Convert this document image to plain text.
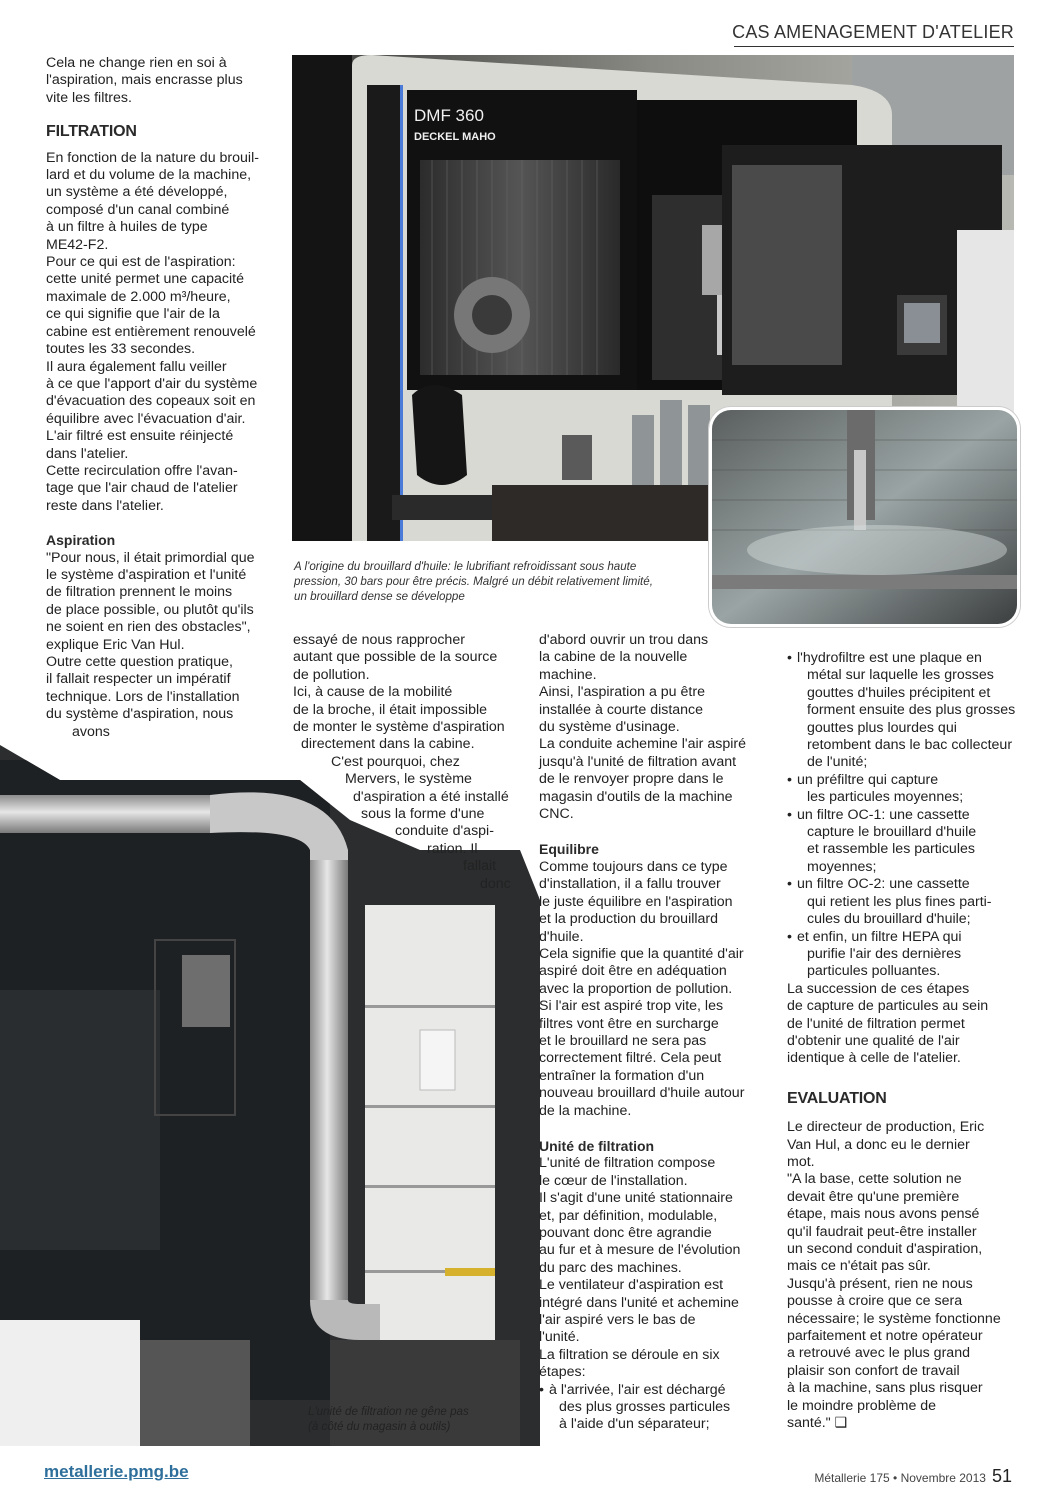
CAS AMENAGEMENT D'ATELIER
DMF 360
DECKEL MAHO
A l'origine du brouillard d'huile: le lubrifiant refroidissant sous haute
pression, 30 bars pour être précis. Malgré un débit relativement limité,
un brouillard dense se développe
L'unité de filtration ne gêne pas
(à côté du magasin à outils)
Cela ne change rien en soi à
l'aspiration, mais encrasse plus
vite les filtres.
FILTRATION
En fonction de la nature du brouil-
lard et du volume de la machine,
un système a été développé,
composé d'un canal combiné
à un filtre à huiles de type
ME42-F2.
Pour ce qui est de l'aspiration:
cette unité permet une capacité
maximale de 2.000 m³/heure,
ce qui signifie que l'air de la
cabine est entièrement renouvelé
toutes les 33 secondes.
Il aura également fallu veiller
à ce que l'apport d'air du système
d'évacuation des copeaux soit en
équilibre avec l'évacuation d'air.
L'air filtré est ensuite réinjecté
dans l'atelier.
Cette recirculation offre l'avan-
tage que l'air chaud de l'atelier
reste dans l'atelier.
Aspiration
"Pour nous, il était primordial que
le système d'aspiration et l'unité
de filtration prennent le moins
de place possible, ou plutôt qu'ils
ne soient en rien des obstacles",
explique Eric Van Hul.
Outre cette question pratique,
il fallait respecter un impératif
technique. Lors de l'installation
du système d'aspiration, nous
avons
essayé de nous rapprocher
autant que possible de la source
de pollution.
Ici, à cause de la mobilité
de la broche, il était impossible
de monter le système d'aspiration
directement dans la cabine.
C'est pourquoi, chez
Mervers, le système
d'aspiration a été installé
sous la forme d'une
conduite d'aspi-
ration. Il
fallait
donc
d'abord ouvrir un trou dans
la cabine de la nouvelle
machine.
Ainsi, l'aspiration a pu être
installée à courte distance
du système d'usinage.
La conduite achemine l'air aspiré
jusqu'à l'unité de filtration avant
de le renvoyer propre dans le
magasin d'outils de la machine
CNC.
Equilibre
Comme toujours dans ce type
d'installation, il a fallu trouver
le juste équilibre en l'aspiration
et la production du brouillard
d'huile.
Cela signifie que la quantité d'air
aspiré doit être en adéquation
avec la proportion de pollution.
Si l'air est aspiré trop vite, les
filtres vont être en surcharge
et le brouillard ne sera pas
correctement filtré. Cela peut
entraîner la formation d'un
nouveau brouillard d'huile autour
de la machine.
Unité de filtration
L'unité de filtration compose
le cœur de l'installation.
Il s'agit d'une unité stationnaire
et, par définition, modulable,
pouvant donc être agrandie
au fur et à mesure de l'évolution
du parc des machines.
Le ventilateur d'aspiration est
intégré dans l'unité et achemine
l'air aspiré vers le bas de
l'unité.
La filtration se déroule en six
étapes:
• à l'arrivée, l'air est déchargé
des plus grosses particules
à l'aide d'un séparateur;
• l'hydrofiltre est une plaque en
métal sur laquelle les grosses
gouttes d'huiles précipitent et
forment ensuite des plus grosses
gouttes plus lourdes qui
retombent dans le bac collecteur
de l'unité;
• un préfiltre qui capture
les particules moyennes;
• un filtre OC-1: une cassette
capture le brouillard d'huile
et rassemble les particules
moyennes;
• un filtre OC-2: une cassette
qui retient les plus fines parti-
cules du brouillard d'huile;
• et enfin, un filtre HEPA qui
purifie l'air des dernières
particules polluantes.
La succession de ces étapes
de capture de particules au sein
de l'unité de filtration permet
d'obtenir une qualité de l'air
identique à celle de l'atelier.
EVALUATION
Le directeur de production, Eric
Van Hul, a donc eu le dernier
mot.
"A la base, cette solution ne
devait être qu'une première
étape, mais nous avons pensé
qu'il faudrait peut-être installer
un second conduit d'aspiration,
mais ce n'était pas sûr.
Jusqu'à présent, rien ne nous
pousse à croire que ce sera
nécessaire; le système fonctionne
parfaitement et notre opérateur
a retrouvé avec le plus grand
plaisir son confort de travail
à la machine, sans plus risquer
le moindre problème de
santé." ❑
metallerie.pmg.be	Métallerie 175 • Novembre 2013 51
